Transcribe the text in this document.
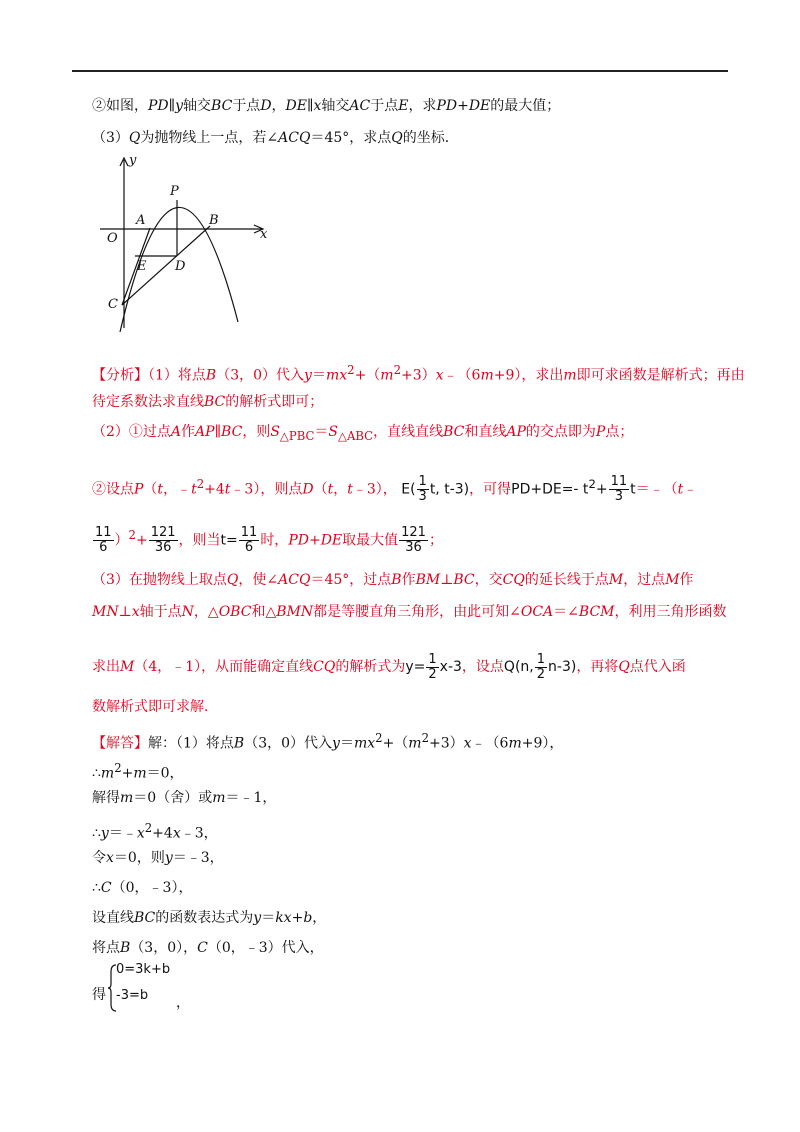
②如图，PD∥y轴交BC于点D，DE∥x轴交AC于点E，求PD+DE的最大值；
（3）Q为抛物线上一点，若∠ACQ＝45°，求点Q的坐标．
y
x
O
A	B
P
E D
C
【分析】（1）将点B（3，0）代入$y=mx^2+(m^2+3)x﹣(6m+9)$，求出m即可求函数是解析式；再由
待定系数法求直线BC的解析式即可；
（2）①过点A作AP∥BC，则$S_{\triangle PBC}=S_{\triangle ABC}$，直线直线BC和直线AP的交点即为P点；
②设点P（t，$﹣t^2+4t﹣3$），则点D（t，t﹣3）， $E( \frac{1}{3} t$, t-3)，可得PD+DE=- $t^2+ \frac{11}{3}$ t＝﹣（t﹣
$\frac{11}{6} )^2+ \frac{121}{36}$ ，则当$t= \frac{11}{6}$ 时，PD+DE取最大值 $\frac{121}{36}$ ；
（3）在抛物线上取点Q，使∠ACQ＝45°，过点B作BM⊥BC，交CQ的延长线于点M，过点M作
MN⊥x轴于点N，△OBC和△BMN都是等腰直角三角形，由此可知∠OCA＝∠BCM，利用三角形函数
求出M（4，﹣1），从而能确定直线CQ的解析式为$y= \frac{1}{2} x-3$，设点Q(n, $\frac{1}{2} n-3$)，再将Q点代入函
数解析式即可求解．
【解答】解：（1）将点B（3，0）代入$y=mx^2+(m^2+3)x﹣(6m+9)$，
$\therefore m^2+m=0$，
解得m＝0（舍）或m＝﹣1，
$\therefore y=﹣x^2+4x﹣3$，
令x＝0，则y＝﹣3，
∴C（0，﹣3），
设直线BC的函数表达式为y＝kx+b，
将点B（3，0），C（0，﹣3）代入，
得
0=3k+b
-3=b ，
